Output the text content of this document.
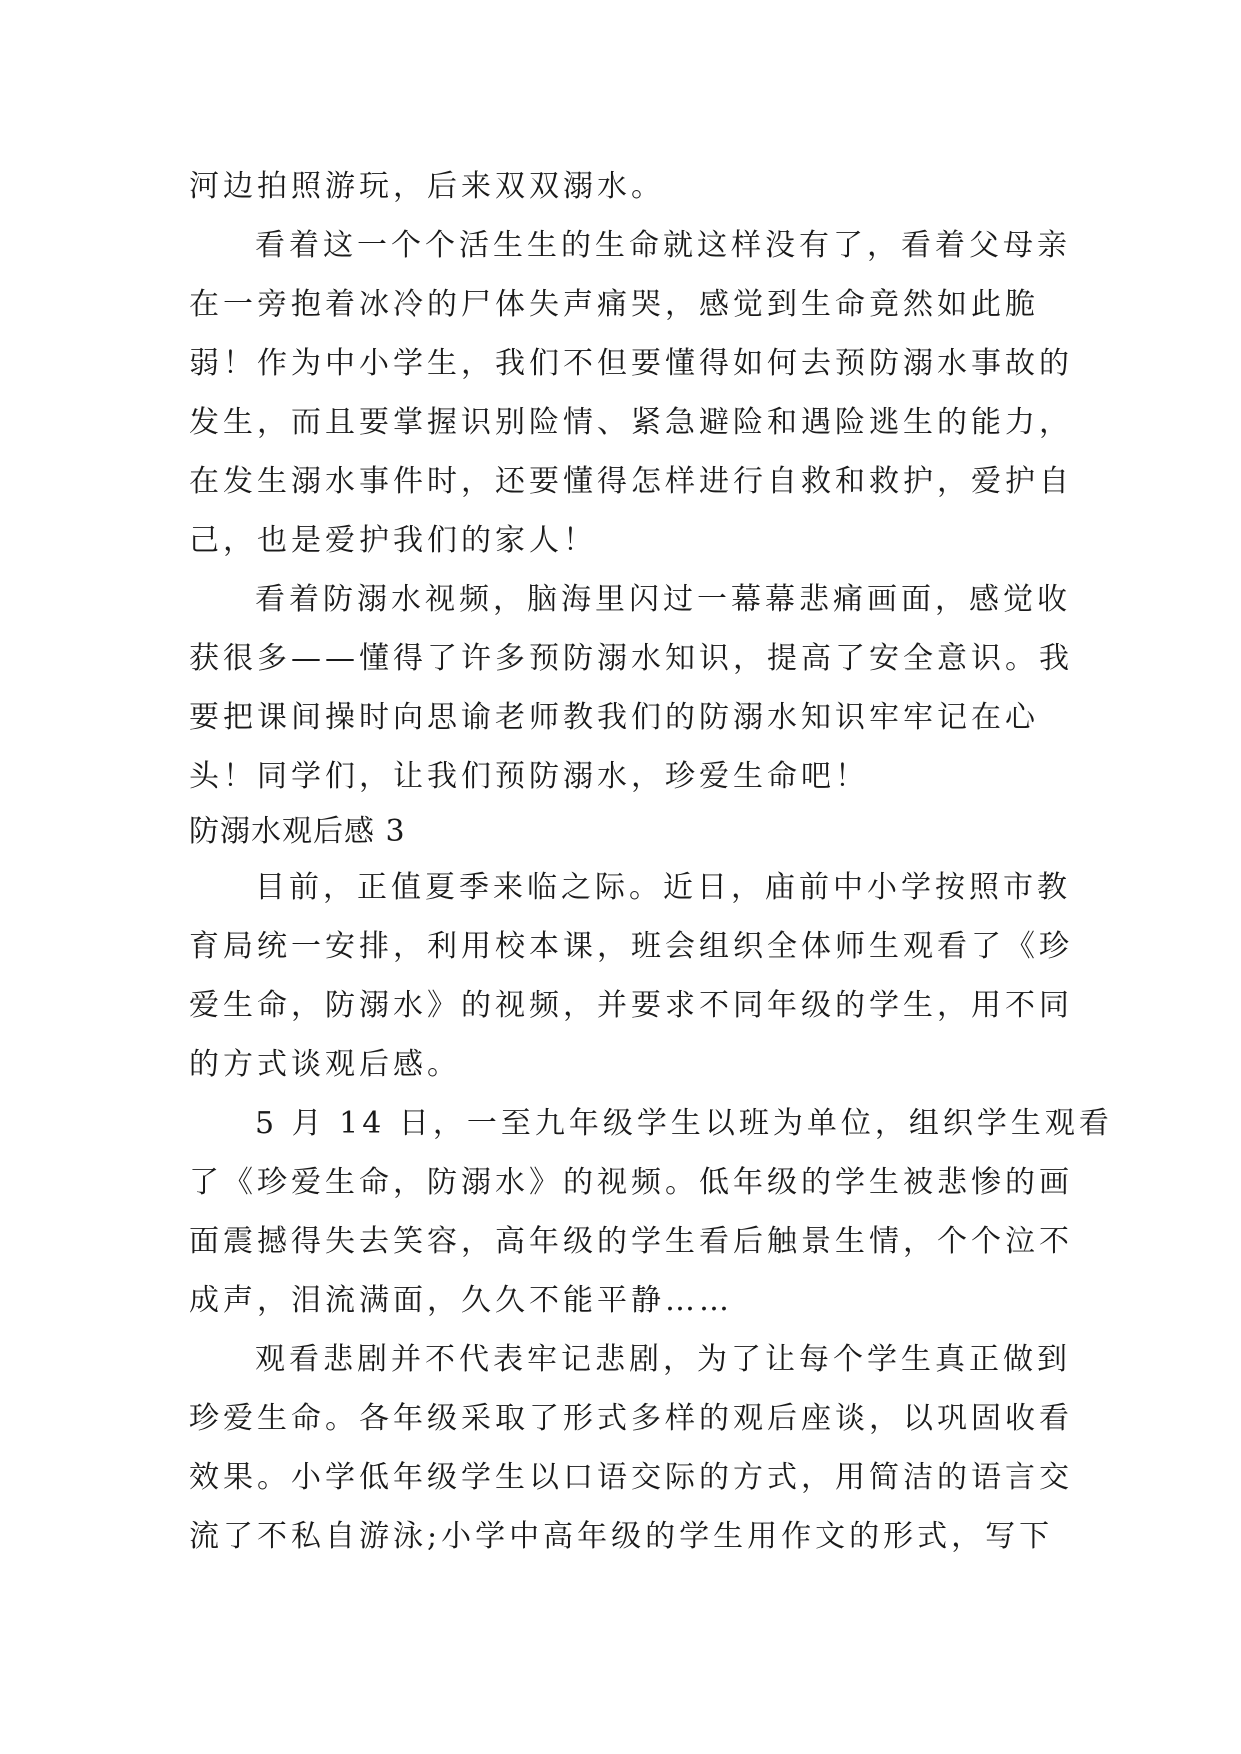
河边拍照游玩，后来双双溺水。
看着这一个个活生生的生命就这样没有了，看着父母亲
在一旁抱着冰冷的尸体失声痛哭，感觉到生命竟然如此脆
弱！作为中小学生，我们不但要懂得如何去预防溺水事故的
发生，而且要掌握识别险情、紧急避险和遇险逃生的能力，
在发生溺水事件时，还要懂得怎样进行自救和救护，爱护自
己，也是爱护我们的家人！
看着防溺水视频，脑海里闪过一幕幕悲痛画面，感觉收
获很多——懂得了许多预防溺水知识，提高了安全意识。我
要把课间操时向思谕老师教我们的防溺水知识牢牢记在心
头！同学们，让我们预防溺水，珍爱生命吧！
防溺水观后感 3
目前，正值夏季来临之际。近日，庙前中小学按照市教
育局统一安排，利用校本课，班会组织全体师生观看了《珍
爱生命，防溺水》的视频，并要求不同年级的学生，用不同
的方式谈观后感。
5 月 14 日，一至九年级学生以班为单位，组织学生观看
了《珍爱生命，防溺水》的视频。低年级的学生被悲惨的画
面震撼得失去笑容，高年级的学生看后触景生情，个个泣不
成声，泪流满面，久久不能平静……
观看悲剧并不代表牢记悲剧，为了让每个学生真正做到
珍爱生命。各年级采取了形式多样的观后座谈，以巩固收看
效果。小学低年级学生以口语交际的方式，用简洁的语言交
流了不私自游泳;小学中高年级的学生用作文的形式，写下
